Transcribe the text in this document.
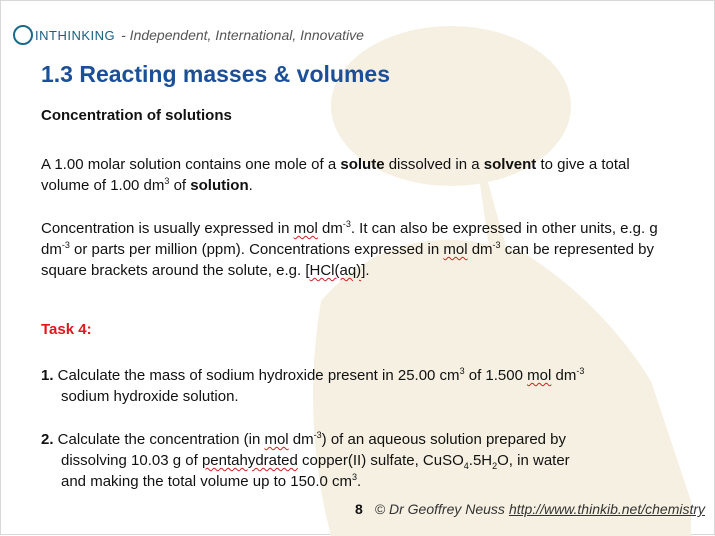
INTHINKING - Independent, International, Innovative
1.3 Reacting masses & volumes
Concentration of solutions
A 1.00 molar solution contains one mole of a solute dissolved in a solvent to give a total volume of 1.00 $dm^3$ of solution.
Concentration is usually expressed in mol $dm^{-3}$. It can also be expressed in other units, e.g. g $dm^{-3}$ or parts per million (ppm). Concentrations expressed in mol $dm^{-3}$ can be represented by square brackets around the solute, e.g. [HCl(aq)].
Task 4:
1. Calculate the mass of sodium hydroxide present in 25.00 $cm^3$ of 1.500 mol $dm^{-3}$
sodium hydroxide solution.
2. Calculate the concentration (in mol $dm^{-3}$) of an aqueous solution prepared by
dissolving 10.03 g of pentahydrated copper(II) sulfate, $CuSO_4.5H_2O$, in water
and making the total volume up to 150.0 $cm^3$.
8 © Dr Geoffrey Neuss http://www.thinkib.net/chemistry
